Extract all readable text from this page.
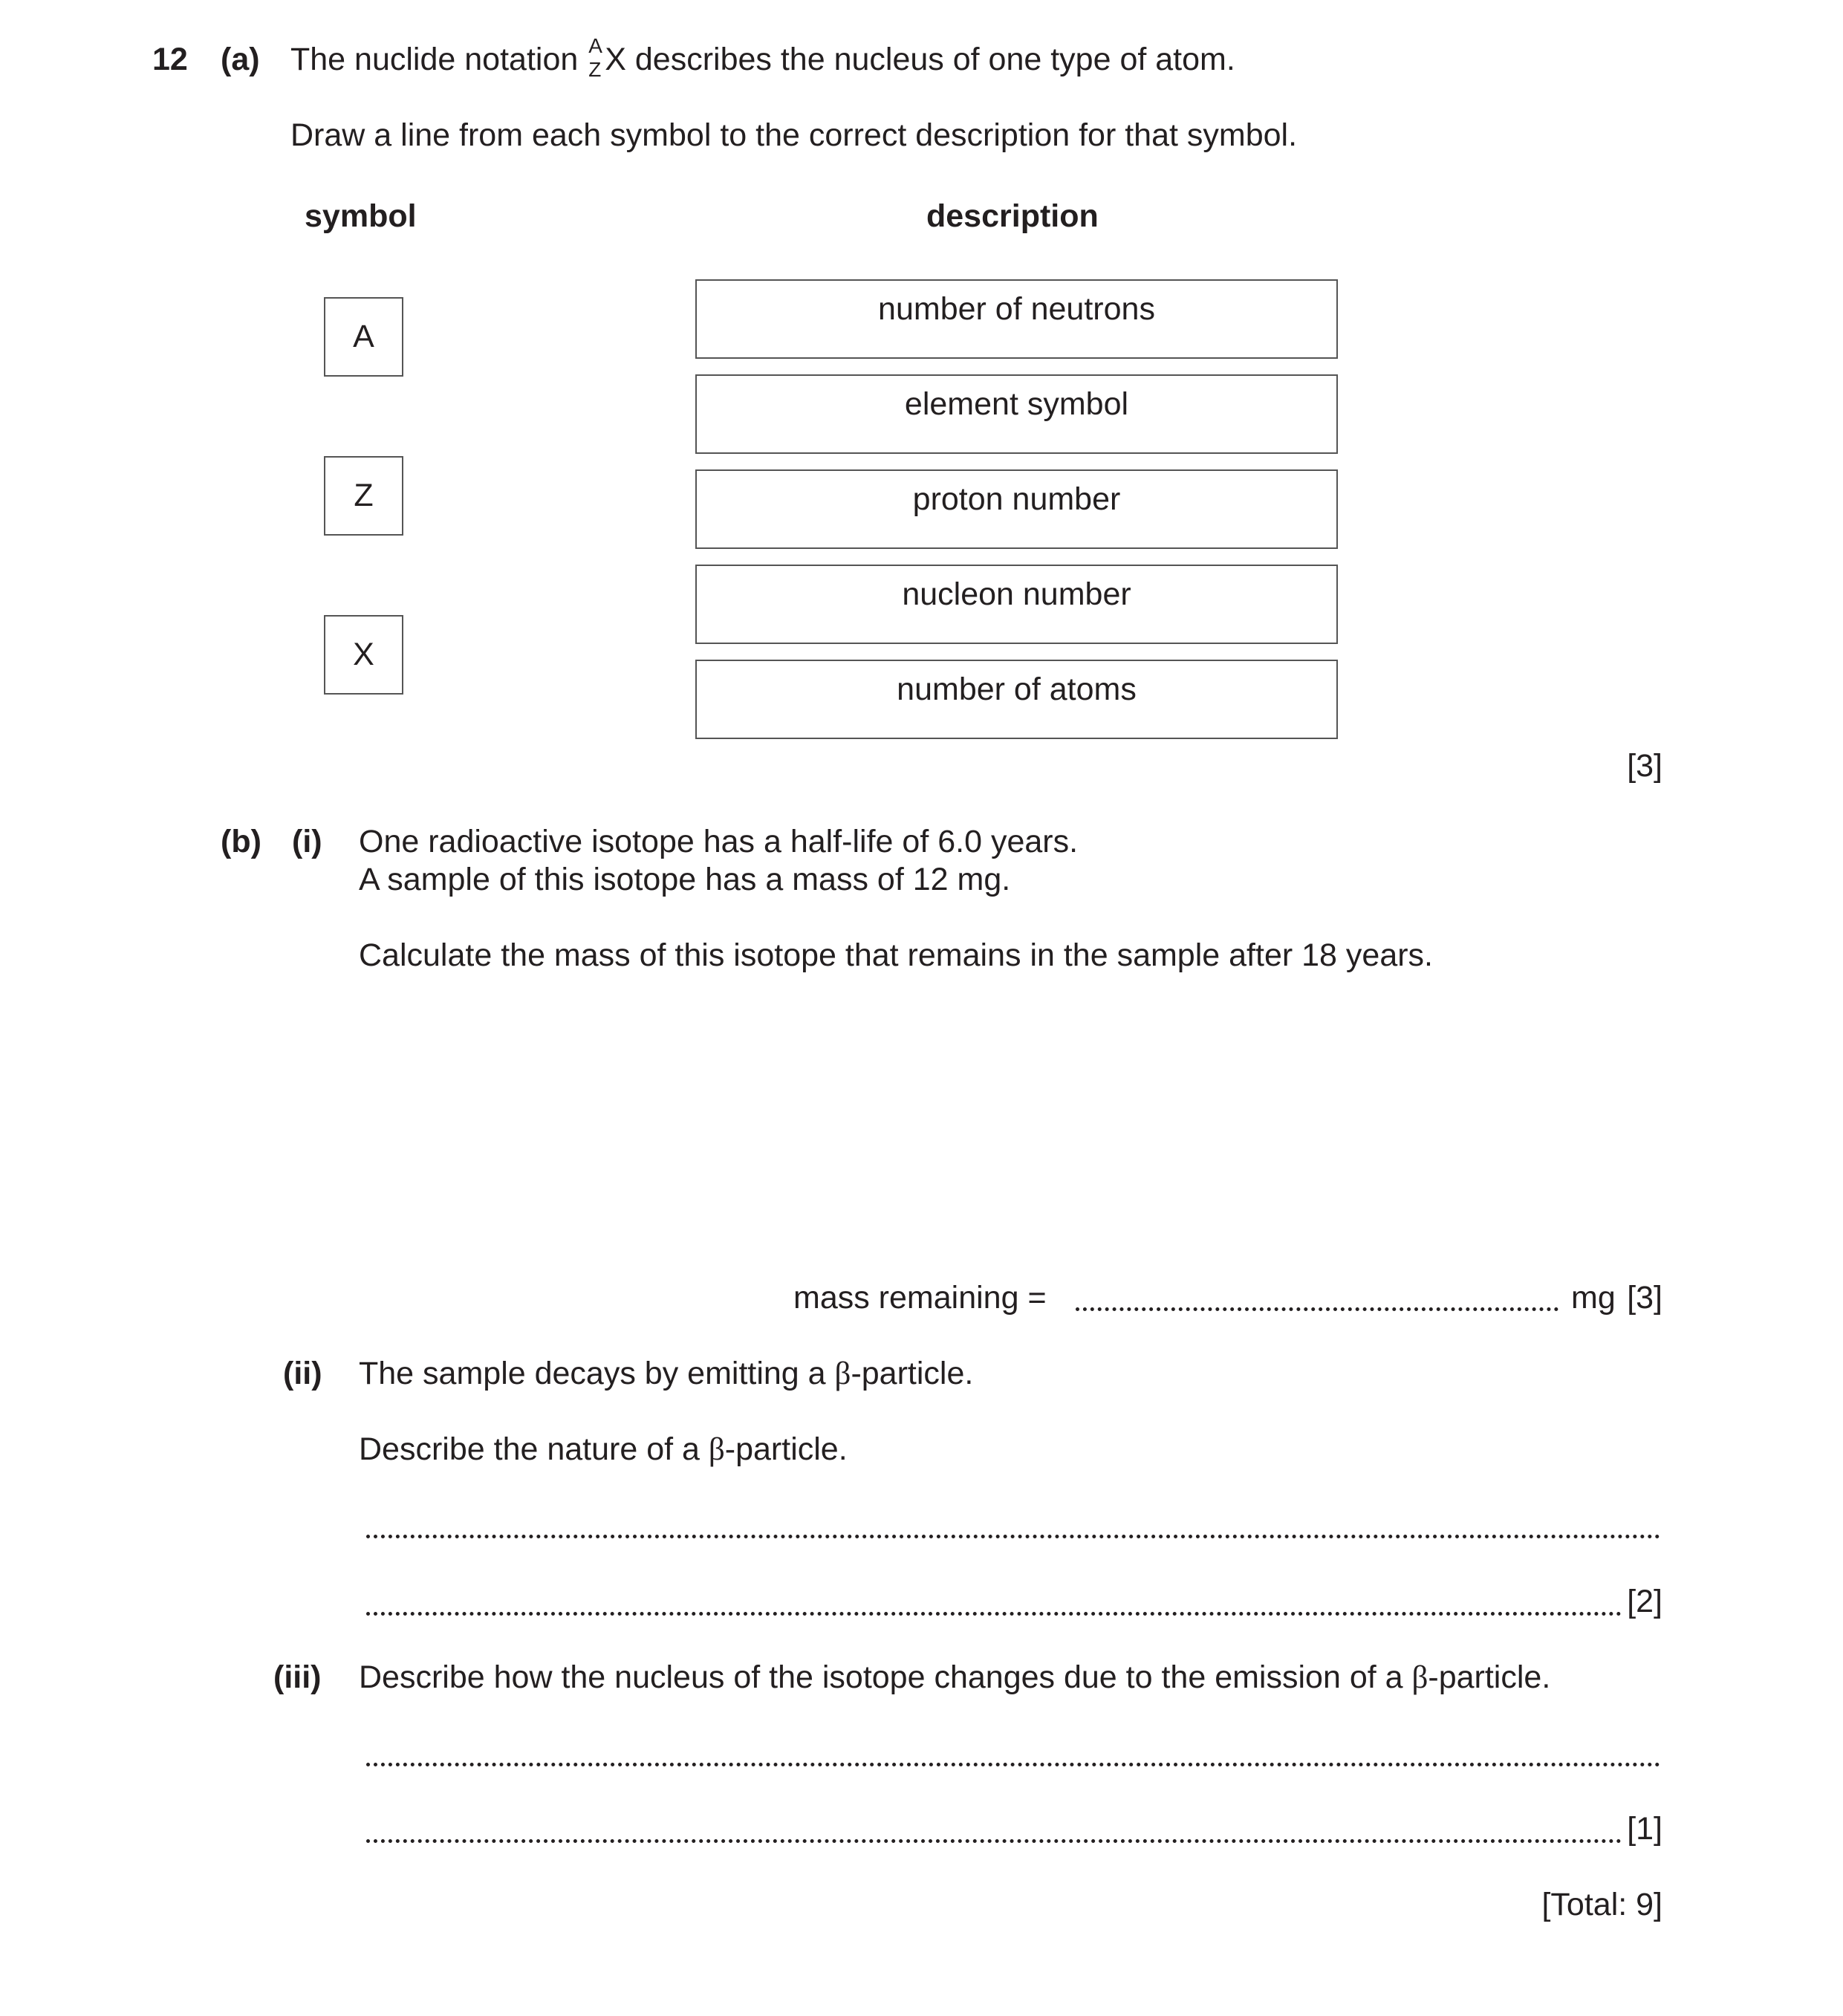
12 (a) The nuclide notation A
Z X describes the nucleus of one type of atom.
Draw a line from each symbol to the correct description for that symbol.
symbol	description
A
Z
X
number of neutrons
element symbol
proton number
nucleon number
number of atoms
[3]
(b) (i) One radioactive isotope has a half-life of 6.0 years.
A sample of this isotope has a mass of 12 mg.
Calculate the mass of this isotope that remains in the sample after 18 years.
mass remaining =	mg [3]
(ii) The sample decays by emitting a β-particle.
Describe the nature of a β-particle.
[2]
(iii) Describe how the nucleus of the isotope changes due to the emission of a β-particle.
[1]
[Total: 9]
